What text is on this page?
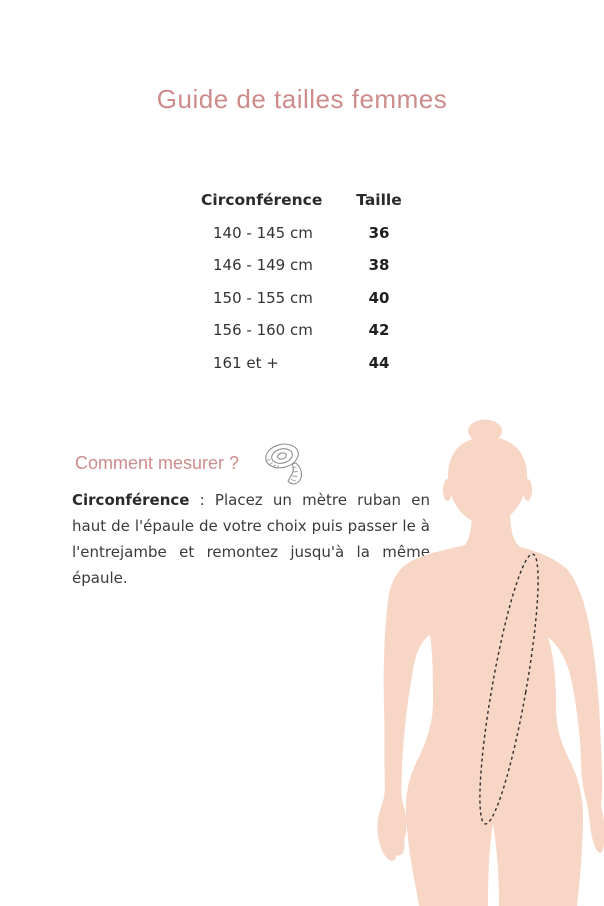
Guide de tailles femmes
Circonférence	Taille
140 - 145 cm	36
146 - 149 cm	38
150 - 155 cm	40
156 - 160 cm	42
161 et +	44
Comment mesurer ?

Circonférence : Placez un mètre ruban en haut de l'épaule de votre choix puis passer le à l'entrejambe et remontez jusqu'à la même épaule.
